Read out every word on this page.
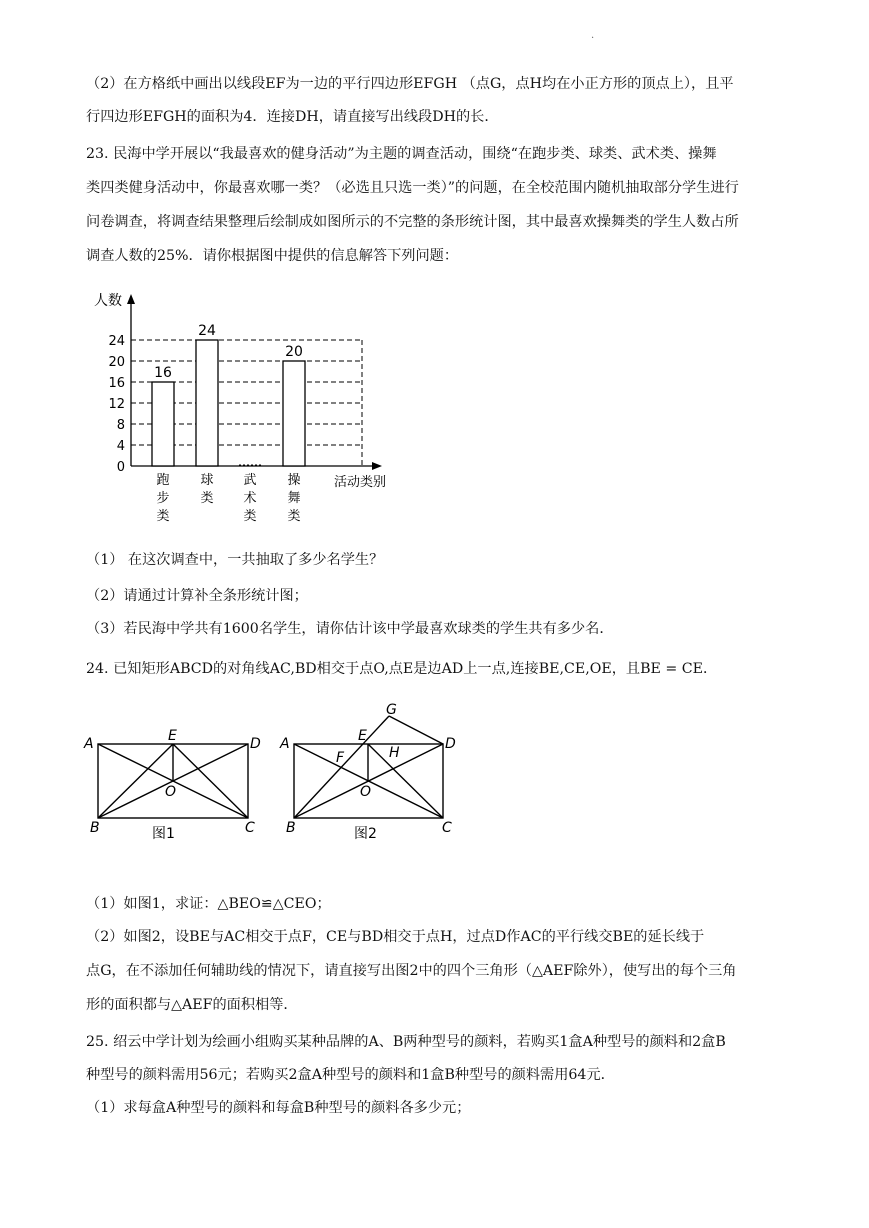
.
（2）在方格纸中画出以线段EF为一边的平行四边形EFGH （点G，点H均在小正方形的顶点上），且平
行四边形EFGH的面积为4．连接DH，请直接写出线段DH的长．
23. 民海中学开展以“我最喜欢的健身活动”为主题的调查活动，围绕“在跑步类、球类、武术类、操舞
类四类健身活动中，你最喜欢哪一类？（必选且只选一类）”的问题，在全校范围内随机抽取部分学生进行
问卷调查，将调查结果整理后绘制成如图所示的不完整的条形统计图，其中最喜欢操舞类的学生人数占所
调查人数的25%．请你根据图中提供的信息解答下列问题：
人数
活动类别
0
4
8
12
16
20
24
16
24
20
跑
步
类
球
类
武
术
类
操
舞
类
（1） 在这次调查中，一共抽取了多少名学生？
（2）请通过计算补全条形统计图；
（3）若民海中学共有1600名学生，请你估计该中学最喜欢球类的学生共有多少名．
24. 已知矩形ABCD的对角线AC,BD相交于点O,点E是边AD上一点,连接BE,CE,OE，且BE = CE．
A	E	D
O
B	C
图1
A
G
E	D
F	H
O
B	C
图2
（1）如图1，求证：△BEO≌△CEO；
（2）如图2，设BE与AC相交于点F，CE与BD相交于点H，过点D作AC的平行线交BE的延长线于
点G，在不添加任何辅助线的情况下，请直接写出图2中的四个三角形（△AEF除外），使写出的每个三角
形的面积都与△AEF的面积相等．
25. 绍云中学计划为绘画小组购买某种品牌的A、B两种型号的颜料，若购买1盒A种型号的颜料和2盒B
种型号的颜料需用56元；若购买2盒A种型号的颜料和1盒B种型号的颜料需用64元．
（1）求每盒A种型号的颜料和每盒B种型号的颜料各多少元；
